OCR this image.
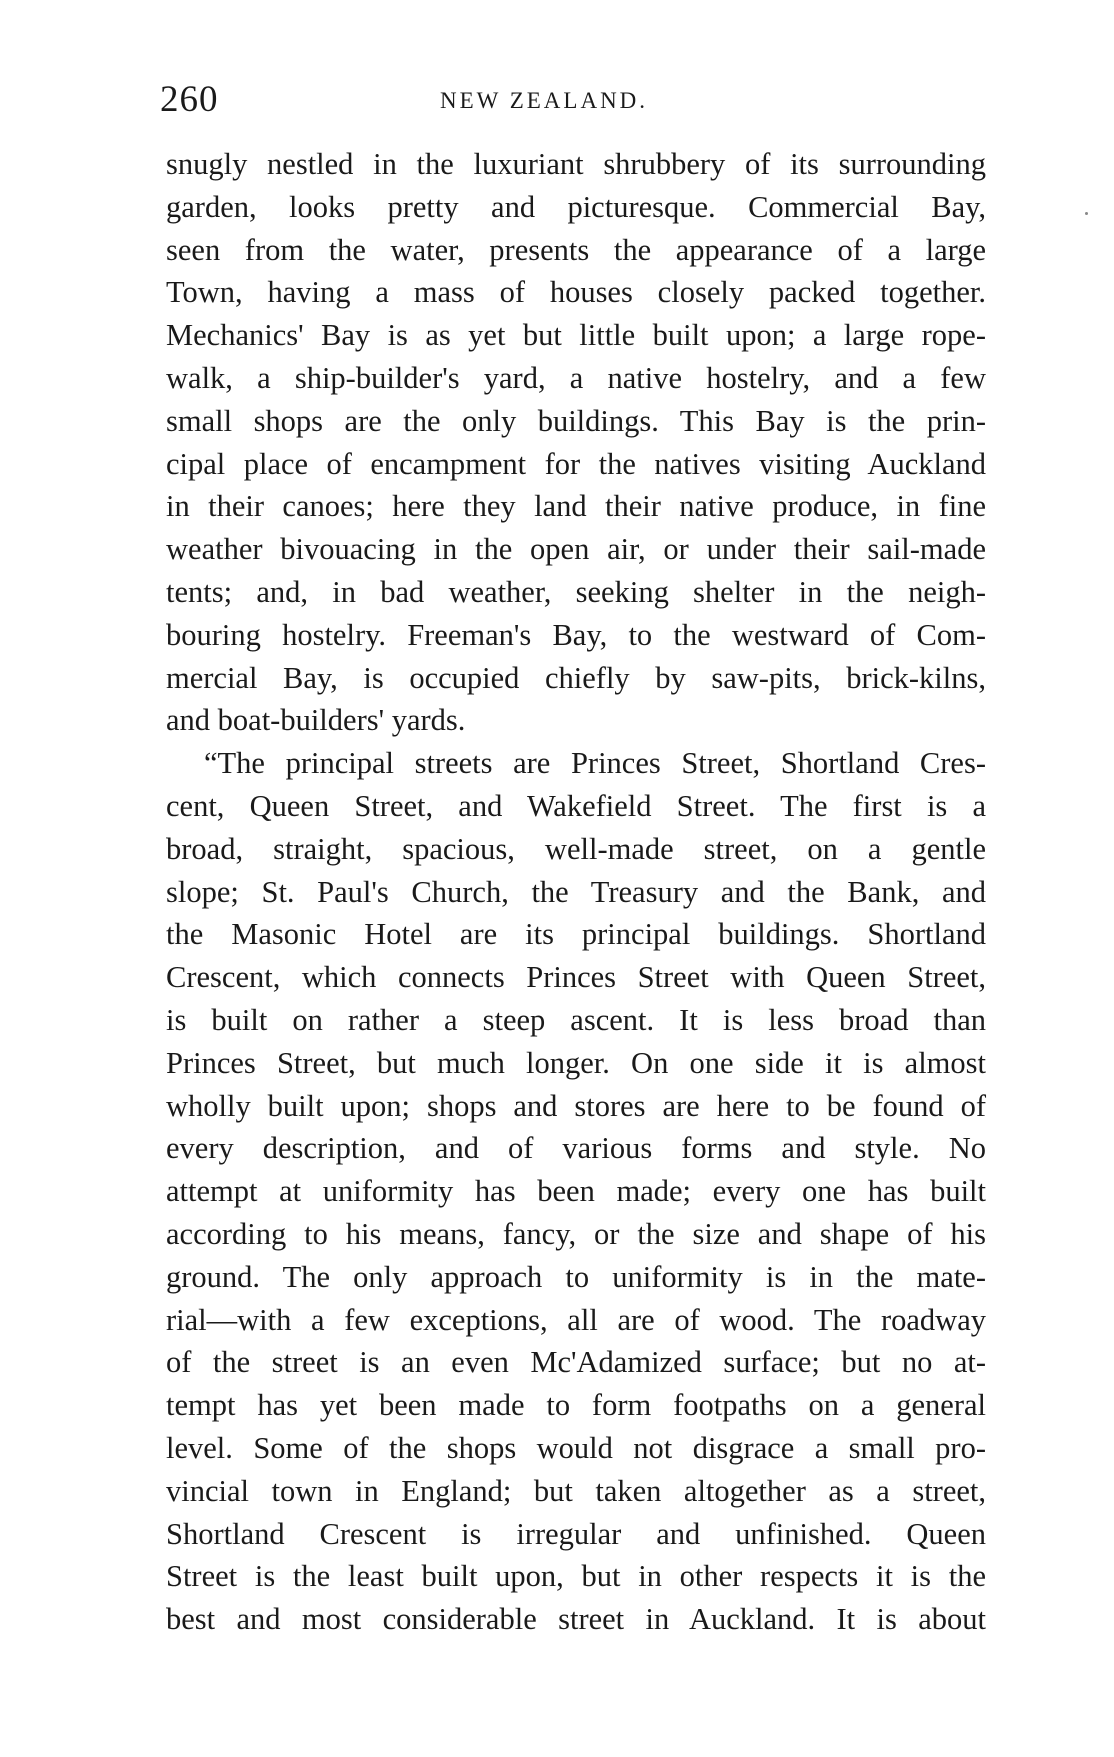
260	NEW ZEALAND.
snugly nestled in the luxuriant shrubbery of its surrounding
garden, looks pretty and picturesque. Commercial Bay,
seen from the water, presents the appearance of a large
Town, having a mass of houses closely packed together.
Mechanics' Bay is as yet but little built upon; a large rope-
walk, a ship-builder's yard, a native hostelry, and a few
small shops are the only buildings. This Bay is the prin-
cipal place of encampment for the natives visiting Auckland
in their canoes; here they land their native produce, in fine
weather bivouacing in the open air, or under their sail-made
tents; and, in bad weather, seeking shelter in the neigh-
bouring hostelry. Freeman's Bay, to the westward of Com-
mercial Bay, is occupied chiefly by saw-pits, brick-kilns,
and boat-builders' yards.
“The principal streets are Princes Street, Shortland Cres-
cent, Queen Street, and Wakefield Street. The first is a
broad, straight, spacious, well-made street, on a gentle
slope; St. Paul's Church, the Treasury and the Bank, and
the Masonic Hotel are its principal buildings. Shortland
Crescent, which connects Princes Street with Queen Street,
is built on rather a steep ascent. It is less broad than
Princes Street, but much longer. On one side it is almost
wholly built upon; shops and stores are here to be found of
every description, and of various forms and style. No
attempt at uniformity has been made; every one has built
according to his means, fancy, or the size and shape of his
ground. The only approach to uniformity is in the mate-
rial—with a few exceptions, all are of wood. The roadway
of the street is an even Mc'Adamized surface; but no at-
tempt has yet been made to form footpaths on a general
level. Some of the shops would not disgrace a small pro-
vincial town in England; but taken altogether as a street,
Shortland Crescent is irregular and unfinished. Queen
Street is the least built upon, but in other respects it is the
best and most considerable street in Auckland. It is about
